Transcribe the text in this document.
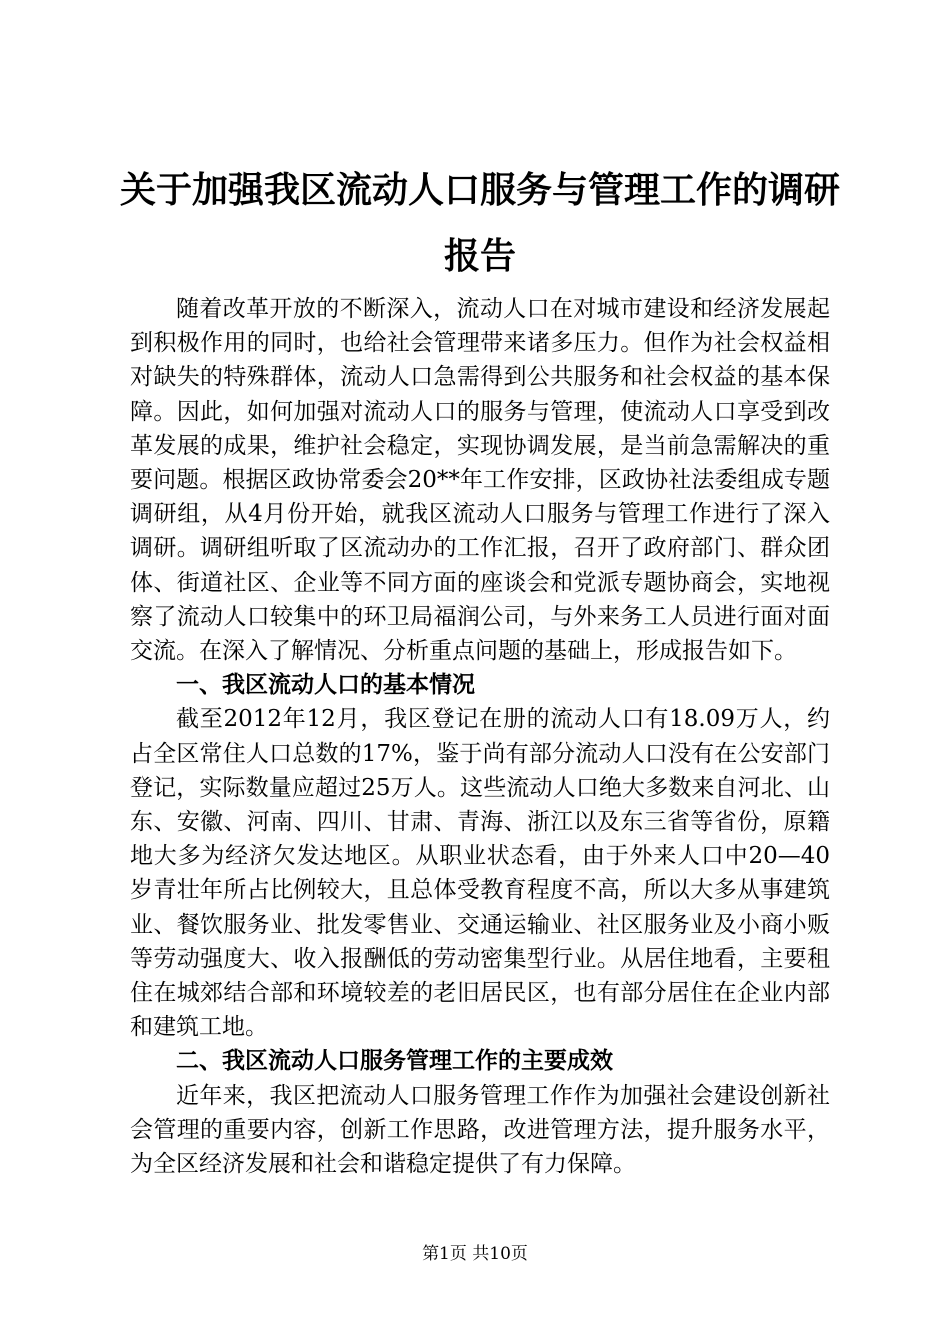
关于加强我区流动人口服务与管理工作的调研报告

随着改革开放的不断深入，流动人口在对城市建设和经济发展起到积极作用的同时，也给社会管理带来诸多压力。但作为社会权益相对缺失的特殊群体，流动人口急需得到公共服务和社会权益的基本保障。因此，如何加强对流动人口的服务与管理，使流动人口享受到改革发展的成果，维护社会稳定，实现协调发展，是当前急需解决的重要问题。根据区政协常委会20**年工作安排，区政协社法委组成专题调研组，从4月份开始，就我区流动人口服务与管理工作进行了深入调研。调研组听取了区流动办的工作汇报，召开了政府部门、群众团体、街道社区、企业等不同方面的座谈会和党派专题协商会，实地视察了流动人口较集中的环卫局福润公司，与外来务工人员进行面对面交流。在深入了解情况、分析重点问题的基础上，形成报告如下。

一、我区流动人口的基本情况

截至2012年12月，我区登记在册的流动人口有18.09万人，约占全区常住人口总数的17%，鉴于尚有部分流动人口没有在公安部门登记，实际数量应超过25万人。这些流动人口绝大多数来自河北、山东、安徽、河南、四川、甘肃、青海、浙江以及东三省等省份，原籍地大多为经济欠发达地区。从职业状态看，由于外来人口中20—40岁青壮年所占比例较大，且总体受教育程度不高，所以大多从事建筑业、餐饮服务业、批发零售业、交通运输业、社区服务业及小商小贩等劳动强度大、收入报酬低的劳动密集型行业。从居住地看，主要租住在城郊结合部和环境较差的老旧居民区，也有部分居住在企业内部和建筑工地。

二、我区流动人口服务管理工作的主要成效

近年来，我区把流动人口服务管理工作作为加强社会建设创新社会管理的重要内容，创新工作思路，改进管理方法，提升服务水平，为全区经济发展和社会和谐稳定提供了有力保障。

第1页 共10页
